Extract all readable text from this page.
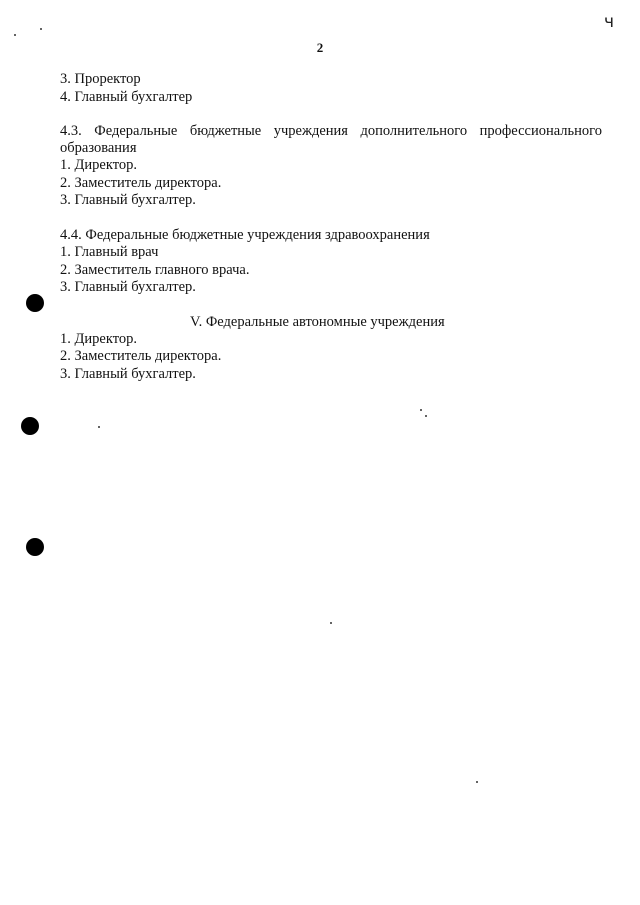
ч
2
3. Проректор
4. Главный бухгалтер
4.3. Федеральные бюджетные учреждения дополнительного профессионального
образования
1. Директор.
2. Заместитель директора.
3. Главный бухгалтер.
4.4. Федеральные бюджетные учреждения здравоохранения
1. Главный врач
2. Заместитель главного врача.
3. Главный бухгалтер.
V. Федеральные автономные учреждения
1. Директор.
2. Заместитель директора.
3. Главный бухгалтер.
